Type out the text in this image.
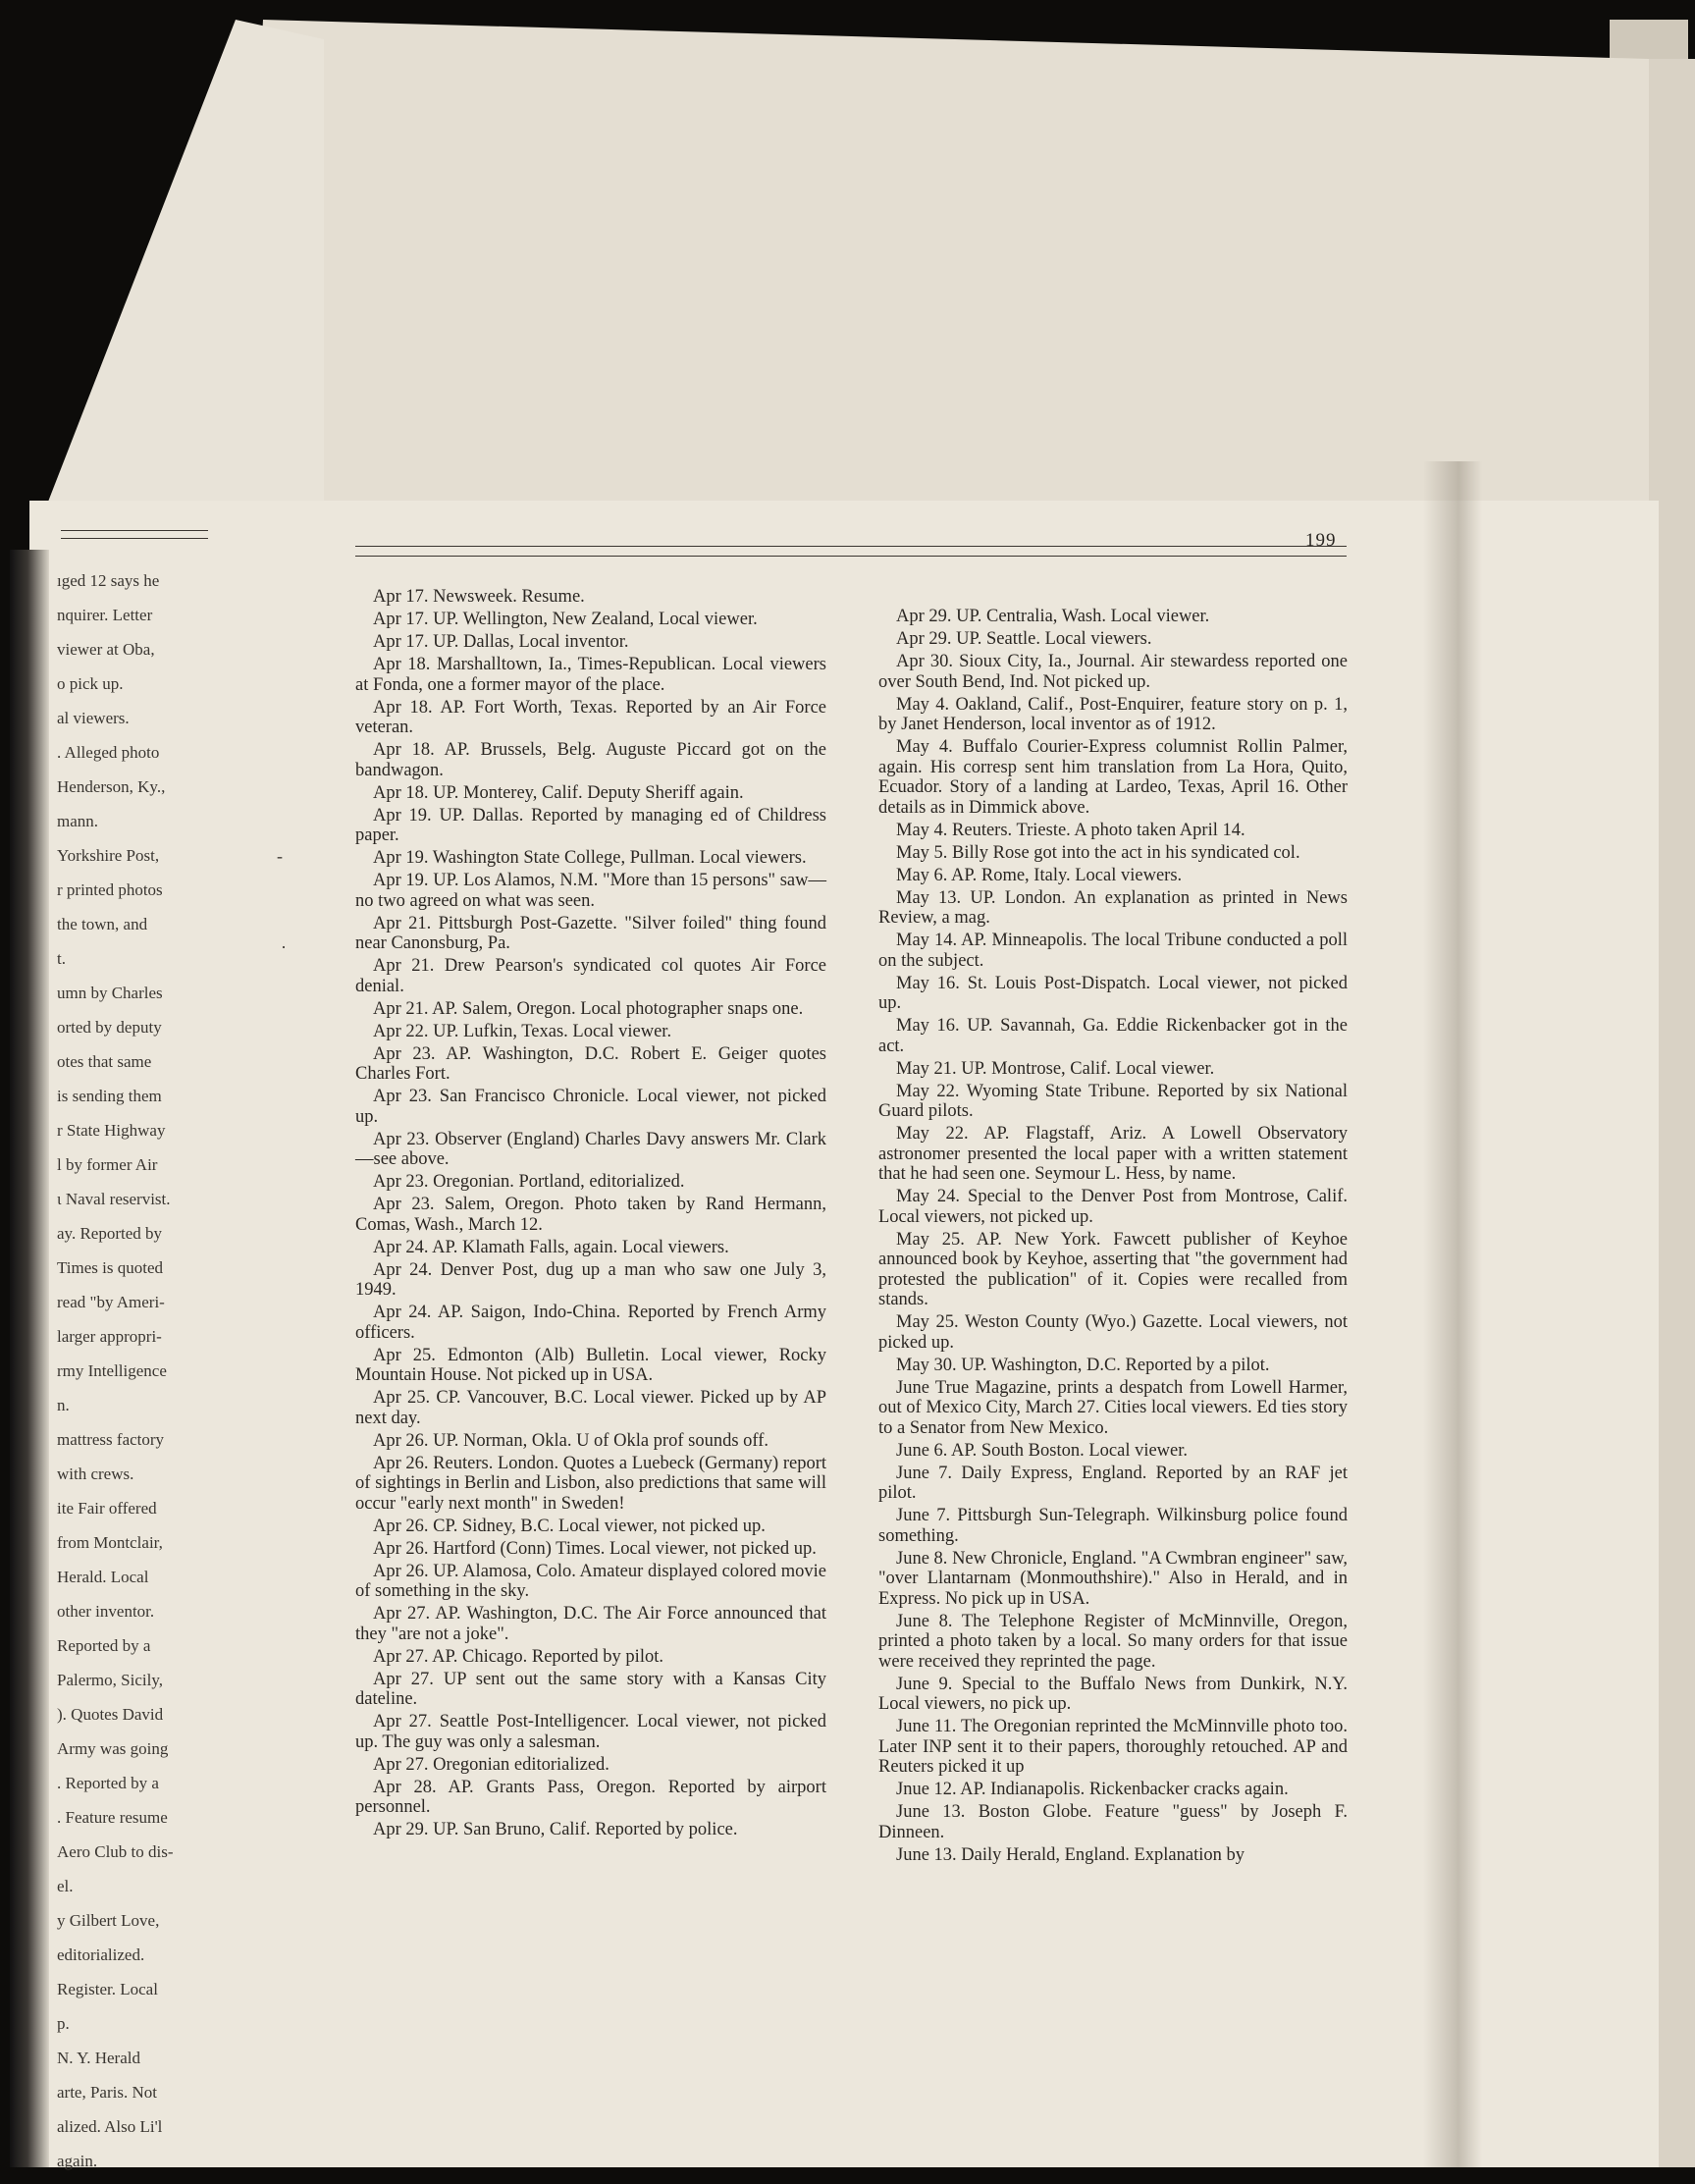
199
-
·

ıged 12 says he

nquirer. Letter

viewer at Oba,

o pick up.

al viewers.

. Alleged photo

Henderson, Ky.,

mann.

Yorkshire Post,

r printed photos

the town, and

t.

umn by Charles

orted by deputy

otes that same

is sending them

r State Highway

l by former Air

ι Naval reservist.

ay. Reported by

Times is quoted

read "by Ameri-

larger appropri-

rmy Intelligence

n.

mattress factory

with crews.

ite Fair offered

from Montclair,

Herald. Local

other inventor.

Reported by a

Palermo, Sicily,

). Quotes David

Army was going

. Reported by a

. Feature resume

Aero Club to dis-

el.

y Gilbert Love,

editorialized.

Register. Local

p.

N. Y. Herald

arte, Paris. Not

alized. Also Li'l

again.

Apr 17. Newsweek. Resume.

Apr 17. UP. Wellington, New Zealand, Local viewer.

Apr 17. UP. Dallas, Local inventor.

Apr 18. Marshalltown, Ia., Times-Republican. Local viewers at Fonda, one a former mayor of the place.

Apr 18. AP. Fort Worth, Texas. Reported by an Air Force veteran.

Apr 18. AP. Brussels, Belg. Auguste Piccard got on the bandwagon.

Apr 18. UP. Monterey, Calif. Deputy Sheriff again.

Apr 19. UP. Dallas. Reported by managing ed of Childress paper.

Apr 19. Washington State College, Pullman. Local viewers.

Apr 19. UP. Los Alamos, N.M. "More than 15 persons" saw—no two agreed on what was seen.

Apr 21. Pittsburgh Post-Gazette. "Silver foiled" thing found near Canonsburg, Pa.

Apr 21. Drew Pearson's syndicated col quotes Air Force denial.

Apr 21. AP. Salem, Oregon. Local photographer snaps one.

Apr 22. UP. Lufkin, Texas. Local viewer.

Apr 23. AP. Washington, D.C. Robert E. Geiger quotes Charles Fort.

Apr 23. San Francisco Chronicle. Local viewer, not picked up.

Apr 23. Observer (England) Charles Davy answers Mr. Clark—see above.

Apr 23. Oregonian. Portland, editorialized.

Apr 23. Salem, Oregon. Photo taken by Rand Hermann, Comas, Wash., March 12.

Apr 24. AP. Klamath Falls, again. Local viewers.

Apr 24. Denver Post, dug up a man who saw one July 3, 1949.

Apr 24. AP. Saigon, Indo-China. Reported by French Army officers.

Apr 25. Edmonton (Alb) Bulletin. Local viewer, Rocky Mountain House. Not picked up in USA.

Apr 25. CP. Vancouver, B.C. Local viewer. Picked up by AP next day.

Apr 26. UP. Norman, Okla. U of Okla prof sounds off.

Apr 26. Reuters. London. Quotes a Luebeck (Germany) report of sightings in Berlin and Lisbon, also predictions that same will occur "early next month" in Sweden!

Apr 26. CP. Sidney, B.C. Local viewer, not picked up.

Apr 26. Hartford (Conn) Times. Local viewer, not picked up.

Apr 26. UP. Alamosa, Colo. Amateur displayed colored movie of something in the sky.

Apr 27. AP. Washington, D.C. The Air Force announced that they "are not a joke".

Apr 27. AP. Chicago. Reported by pilot.

Apr 27. UP sent out the same story with a Kansas City dateline.

Apr 27. Seattle Post-Intelligencer. Local viewer, not picked up. The guy was only a salesman.

Apr 27. Oregonian editorialized.

Apr 28. AP. Grants Pass, Oregon. Reported by airport personnel.

Apr 29. UP. San Bruno, Calif. Reported by police.

Apr 29. UP. Centralia, Wash. Local viewer.

Apr 29. UP. Seattle. Local viewers.

Apr 30. Sioux City, Ia., Journal. Air stewardess reported one over South Bend, Ind. Not picked up.

May 4. Oakland, Calif., Post-Enquirer, feature story on p. 1, by Janet Henderson, local inventor as of 1912.

May 4. Buffalo Courier-Express columnist Rollin Palmer, again. His corresp sent him translation from La Hora, Quito, Ecuador. Story of a landing at Lardeo, Texas, April 16. Other details as in Dimmick above.

May 4. Reuters. Trieste. A photo taken April 14.

May 5. Billy Rose got into the act in his syndicated col.

May 6. AP. Rome, Italy. Local viewers.

May 13. UP. London. An explanation as printed in News Review, a mag.

May 14. AP. Minneapolis. The local Tribune conducted a poll on the subject.

May 16. St. Louis Post-Dispatch. Local viewer, not picked up.

May 16. UP. Savannah, Ga. Eddie Rickenbacker got in the act.

May 21. UP. Montrose, Calif. Local viewer.

May 22. Wyoming State Tribune. Reported by six National Guard pilots.

May 22. AP. Flagstaff, Ariz. A Lowell Observatory astronomer presented the local paper with a written statement that he had seen one. Seymour L. Hess, by name.

May 24. Special to the Denver Post from Montrose, Calif. Local viewers, not picked up.

May 25. AP. New York. Fawcett publisher of Keyhoe announced book by Keyhoe, asserting that "the government had protested the publication" of it. Copies were recalled from stands.

May 25. Weston County (Wyo.) Gazette. Local viewers, not picked up.

May 30. UP. Washington, D.C. Reported by a pilot.

June True Magazine, prints a despatch from Lowell Harmer, out of Mexico City, March 27. Cities local viewers. Ed ties story to a Senator from New Mexico.

June 6. AP. South Boston. Local viewer.

June 7. Daily Express, England. Reported by an RAF jet pilot.

June 7. Pittsburgh Sun-Telegraph. Wilkinsburg police found something.

June 8. New Chronicle, England. "A Cwmbran engineer" saw, "over Llantarnam (Monmouthshire)." Also in Herald, and in Express. No pick up in USA.

June 8. The Telephone Register of McMinnville, Oregon, printed a photo taken by a local. So many orders for that issue were received they reprinted the page.

June 9. Special to the Buffalo News from Dunkirk, N.Y. Local viewers, no pick up.

June 11. The Oregonian reprinted the McMinnville photo too. Later INP sent it to their papers, thoroughly retouched. AP and Reuters picked it up

Jnue 12. AP. Indianapolis. Rickenbacker cracks again.

June 13. Boston Globe. Feature "guess" by Joseph F. Dinneen.

June 13. Daily Herald, England. Explanation by
